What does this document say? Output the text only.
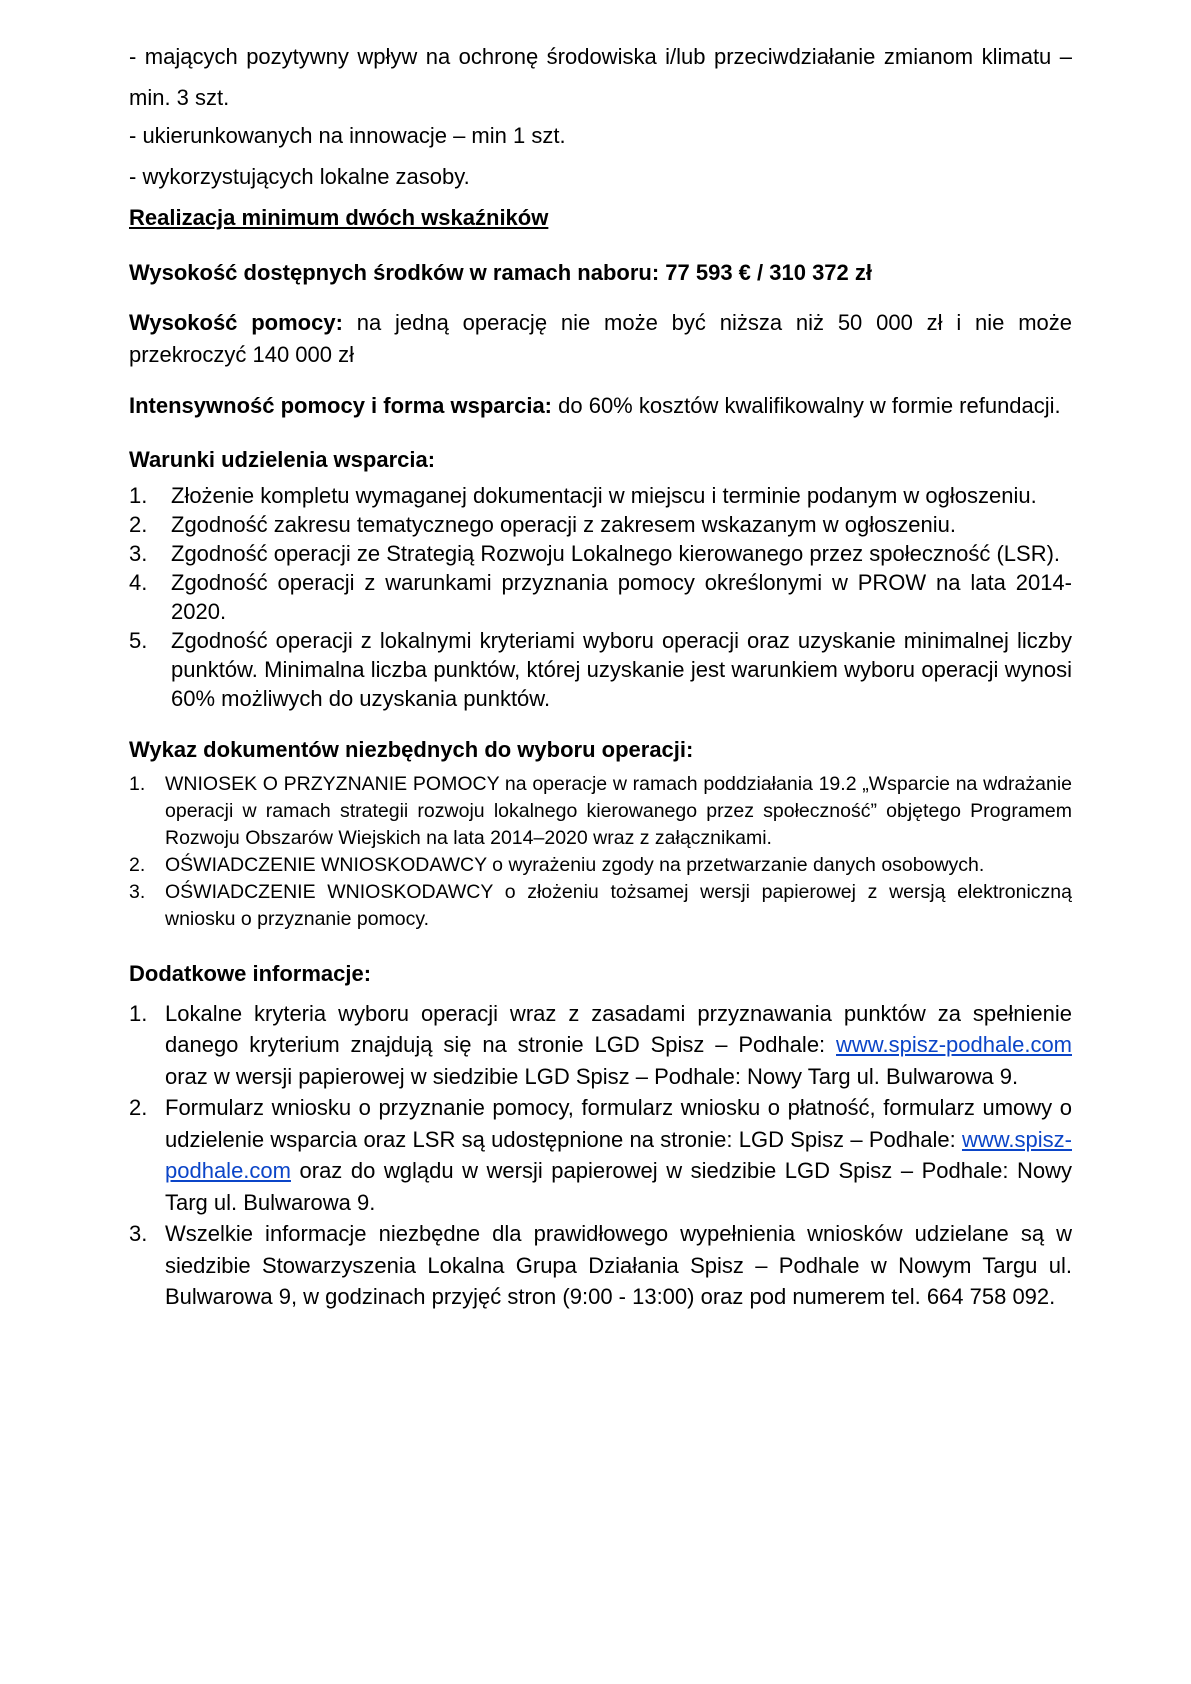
- mających pozytywny wpływ na ochronę środowiska i/lub przeciwdziałanie zmianom klimatu – min. 3 szt.

- ukierunkowanych na innowacje – min 1 szt.

- wykorzystujących lokalne zasoby.

Realizacja minimum dwóch wskaźników

Wysokość dostępnych środków w ramach naboru: 77 593 € / 310 372 zł

Wysokość pomocy: na jedną operację nie może być niższa niż 50 000 zł i nie może przekroczyć 140 000 zł

Intensywność pomocy i forma wsparcia: do 60% kosztów kwalifikowalny w formie refundacji.

Warunki udzielenia wsparcia:

1. Złożenie kompletu wymaganej dokumentacji w miejscu i terminie podanym w ogłoszeniu.
2. Zgodność zakresu tematycznego operacji z zakresem wskazanym w ogłoszeniu.
3. Zgodność operacji ze Strategią Rozwoju Lokalnego kierowanego przez społeczność (LSR).
4. Zgodność operacji z warunkami przyznania pomocy określonymi w PROW na lata 2014-2020.
5. Zgodność operacji z lokalnymi kryteriami wyboru operacji oraz uzyskanie minimalnej liczby punktów. Minimalna liczba punktów, której uzyskanie jest warunkiem wyboru operacji wynosi 60% możliwych do uzyskania punktów.

Wykaz dokumentów niezbędnych do wyboru operacji:

1. WNIOSEK O PRZYZNANIE POMOCY na operacje w ramach poddziałania 19.2 „Wsparcie na wdrażanie operacji w ramach strategii rozwoju lokalnego kierowanego przez społeczność” objętego Programem Rozwoju Obszarów Wiejskich na lata 2014–2020 wraz z załącznikami.
2. OŚWIADCZENIE WNIOSKODAWCY o wyrażeniu zgody na przetwarzanie danych osobowych.
3. OŚWIADCZENIE WNIOSKODAWCY o złożeniu tożsamej wersji papierowej z wersją elektroniczną wniosku o przyznanie pomocy.

Dodatkowe informacje:

1. Lokalne kryteria wyboru operacji wraz z zasadami przyznawania punktów za spełnienie danego kryterium znajdują się na stronie LGD Spisz – Podhale: www.spisz-podhale.com oraz w wersji papierowej w siedzibie LGD Spisz – Podhale: Nowy Targ ul. Bulwarowa 9.
2. Formularz wniosku o przyznanie pomocy, formularz wniosku o płatność, formularz umowy o udzielenie wsparcia oraz LSR są udostępnione na stronie: LGD Spisz – Podhale: www.spisz-podhale.com oraz do wglądu w wersji papierowej w siedzibie LGD Spisz – Podhale: Nowy Targ ul. Bulwarowa 9.
3. Wszelkie informacje niezbędne dla prawidłowego wypełnienia wniosków udzielane są w siedzibie Stowarzyszenia Lokalna Grupa Działania Spisz – Podhale w Nowym Targu ul. Bulwarowa 9, w godzinach przyjęć stron (9:00 - 13:00) oraz pod numerem tel. 664 758 092.
